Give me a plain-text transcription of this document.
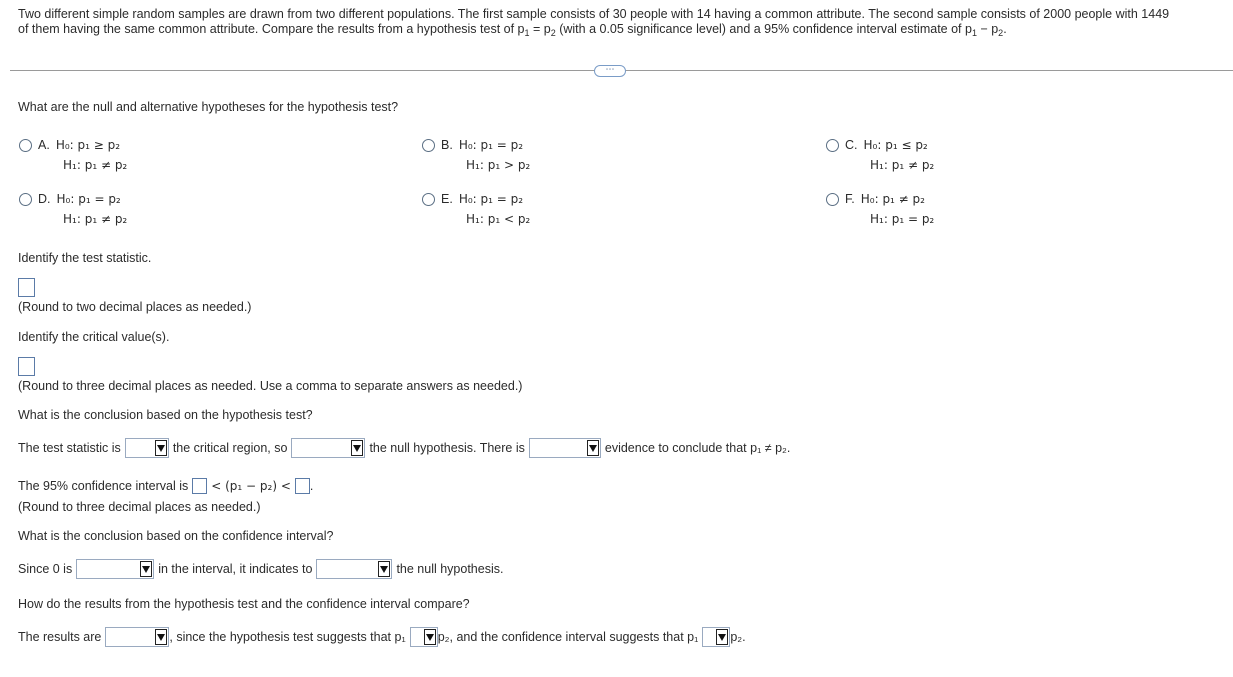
Two different simple random samples are drawn from two different populations. The first sample consists of 30 people with 14 having a common attribute. The second sample consists of 2000 people with 1449
of them having the same common attribute. Compare the results from a hypothesis test of $p_1 = p_2$ (with a 0.05 significance level) and a 95% confidence interval estimate of $p_1 - p_2$.
⋯
What are the null and alternative hypotheses for the hypothesis test?
A. H₀: p₁ ≥ p₂
H₁: p₁ ≠ p₂
B. H₀: p₁ = p₂
H₁: p₁ > p₂
C. H₀: p₁ ≤ p₂
H₁: p₁ ≠ p₂
D. H₀: p₁ = p₂
H₁: p₁ ≠ p₂
E. H₀: p₁ = p₂
H₁: p₁ < p₂
F. H₀: p₁ ≠ p₂
H₁: p₁ = p₂
Identify the test statistic.
(Round to two decimal places as needed.)
Identify the critical value(s).
(Round to three decimal places as needed. Use a comma to separate answers as needed.)
What is the conclusion based on the hypothesis test?
The test statistic is	the critical region, so	the null hypothesis. There is	evidence to conclude that p₁ ≠ p₂.
The 95% confidence interval is < (p₁ − p₂) < .
(Round to three decimal places as needed.)
What is the conclusion based on the confidence interval?
Since 0 is	in the interval, it indicates to	the null hypothesis.
How do the results from the hypothesis test and the confidence interval compare?
The results are	, since the hypothesis test suggests that p₁	p₂, and the confidence interval suggests that p₁	p₂.
